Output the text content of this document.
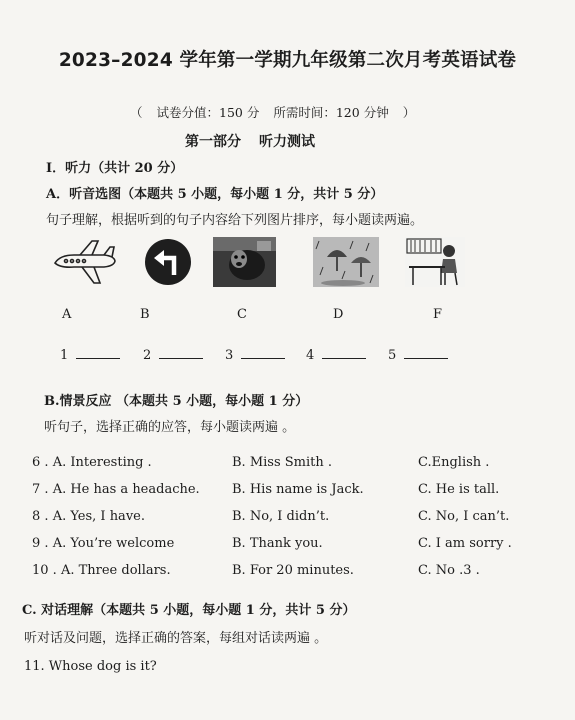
2023–2024 学年第一学期九年级第二次月考英语试卷
（ 试卷分值：150 分 所需时间：120 分钟 ）
第一部分 听力测试
I．听力（共计 20 分）
A．听音选图（本题共 5 小题，每小题 1 分，共计 5 分）
句子理解，根据听到的句子内容给下列图片排序，每小题读两遍。
A	B	C	D	F
1	2	3	4	5
B.情景反应 （本题共 5 小题，每小题 1 分）
听句子，选择正确的应答，每小题读两遍 。
6 . A. Interesting .	B. Miss Smith .	C.English .
7 . A. He has a headache. B. His name is Jack.	C. He is tall.
8 . A. Yes, I have.	B. No, I didn’t.	C. No, I can’t.
9 . A. You’re welcome	B. Thank you.	C. I am sorry .
10 . A. Three dollars.	B. For 20 minutes.	C. No .3 .
C. 对话理解（本题共 5 小题，每小题 1 分，共计 5 分）
听对话及问题，选择正确的答案，每组对话读两遍 。
11. Whose dog is it?
